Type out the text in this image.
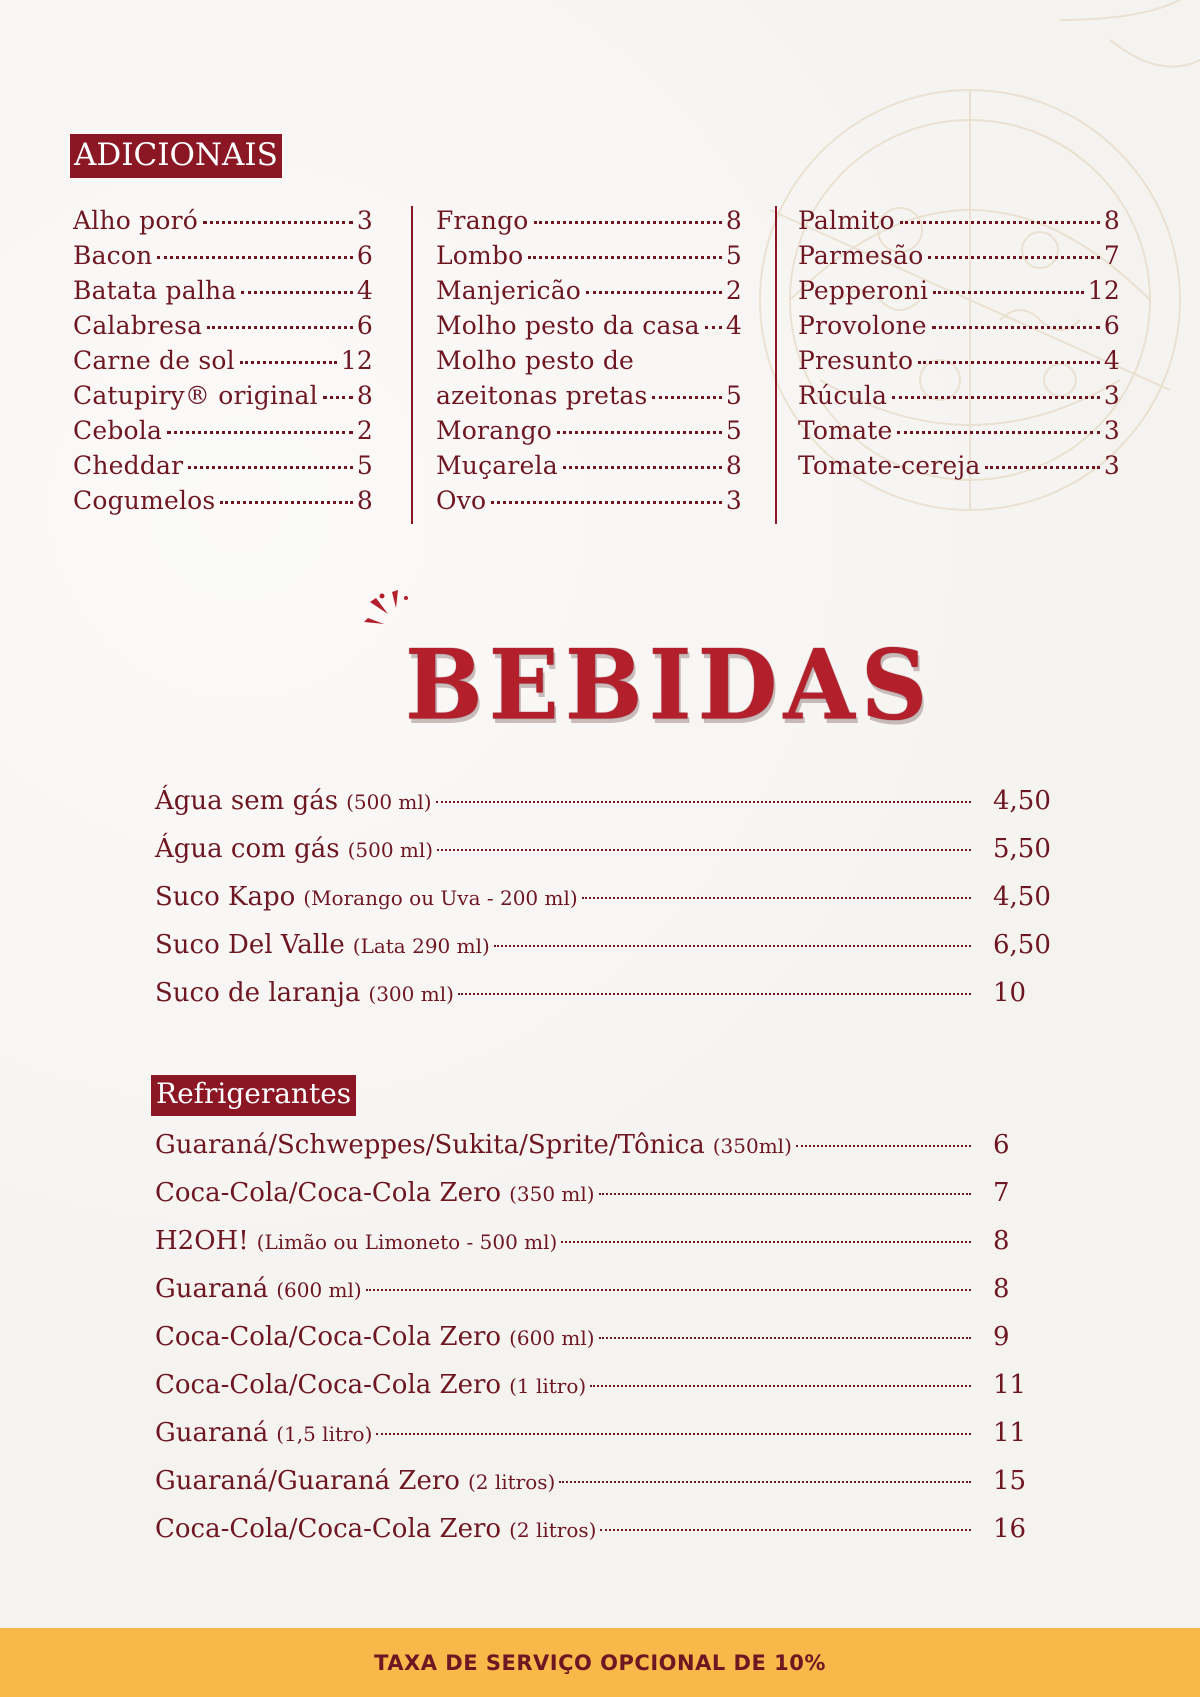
ADICIONAIS
Alho poró	3
Bacon	6
Batata palha	4
Calabresa	6
Carne de sol	12
Catupiry® original 8
Cebola	2
Cheddar	5
Cogumelos	8
Frango	8
Lombo	5
Manjericão	2
Molho pesto da casa 4
Molho pesto de
azeitonas pretas	5
Morango	5
Muçarela	8
Ovo	3
Palmito	8
Parmesão	7
Pepperoni	12
Provolone	6
Presunto	4
Rúcula	3
Tomate	3
Tomate-cereja	3
BEBIDAS
Água sem gás (500 ml)	4,50
Água com gás (500 ml)	5,50
Suco Kapo (Morango ou Uva - 200 ml)	4,50
Suco Del Valle (Lata 290 ml)	6,50
Suco de laranja (300 ml)	10
Refrigerantes
Guaraná/Schweppes/Sukita/Sprite/Tônica (350ml)	6
Coca-Cola/Coca-Cola Zero (350 ml)	7
H2OH! (Limão ou Limoneto - 500 ml)	8
Guaraná (600 ml)	8
Coca-Cola/Coca-Cola Zero (600 ml)	9
Coca-Cola/Coca-Cola Zero (1 litro)	11
Guaraná (1,5 litro)	11
Guaraná/Guaraná Zero (2 litros)	15
Coca-Cola/Coca-Cola Zero (2 litros)	16
TAXA DE SERVIÇO OPCIONAL DE 10%
